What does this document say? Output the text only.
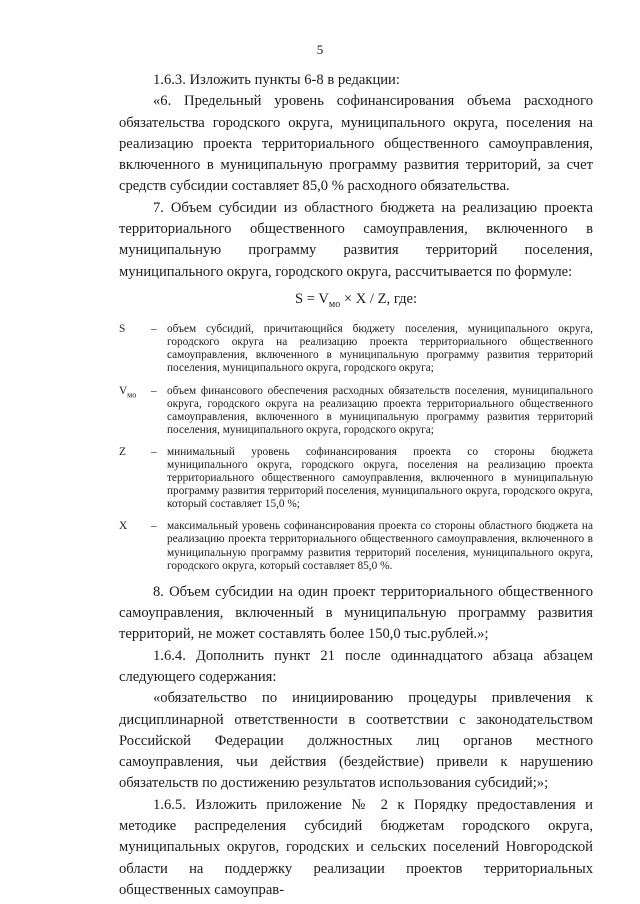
5

1.6.3. Изложить пункты 6-8 в редакции:

«6. Предельный уровень софинансирования объема расходного обязательства городского округа, муниципального округа, поселения на реализацию проекта территориального общественного самоуправления, включенного в муниципальную программу развития территорий, за счет средств субсидии составляет 85,0 % расходного обязательства.

7. Объем субсидии из областного бюджета на реализацию проекта территориального общественного самоуправления, включенного в муниципальную программу развития территорий поселения, муниципального округа, городского округа, рассчитывается по формуле:

$S = V_{мо} \times X / Z$, где:

S	– объем субсидий, причитающийся бюджету поселения, муниципального округа, городского округа на реализацию проекта территориального общественного самоуправления, включенного в муниципальную программу развития территорий поселения, муниципального округа, городского округа;
$V_{мо}$	– объем финансового обеспечения расходных обязательств поселения, муниципального округа, городского округа на реализацию проекта территориального общественного самоуправления, включенного в муниципальную программу развития территорий поселения, муниципального округа, городского округа;
Z	– минимальный уровень софинансирования проекта со стороны бюджета муниципального округа, городского округа, поселения на реализацию проекта территориального общественного самоуправления, включенного в муниципальную программу развития территорий поселения, муниципального округа, городского округа, который составляет 15,0 %;
X	– максимальный уровень софинансирования проекта со стороны областного бюджета на реализацию проекта территориального общественного самоуправления, включенного в муниципальную программу развития территорий поселения, муниципального округа, городского округа, который составляет 85,0 %.

8. Объем субсидии на один проект территориального общественного самоуправления, включенный в муниципальную программу развития территорий, не может составлять более 150,0 тыс.рублей.»;

1.6.4. Дополнить пункт 21 после одиннадцатого абзаца абзацем следующего содержания:

«обязательство по инициированию процедуры привлечения к дисциплинарной ответственности в соответствии с законодательством Российской Федерации должностных лиц органов местного самоуправления, чьи действия (бездействие) привели к нарушению обязательств по достижению результатов использования субсидий;»;

1.6.5. Изложить приложение № 2 к Порядку предоставления и методике распределения субсидий бюджетам городского округа, муниципальных округов, городских и сельских поселений Новгородской области на поддержку реализации проектов территориальных общественных самоуправ-
